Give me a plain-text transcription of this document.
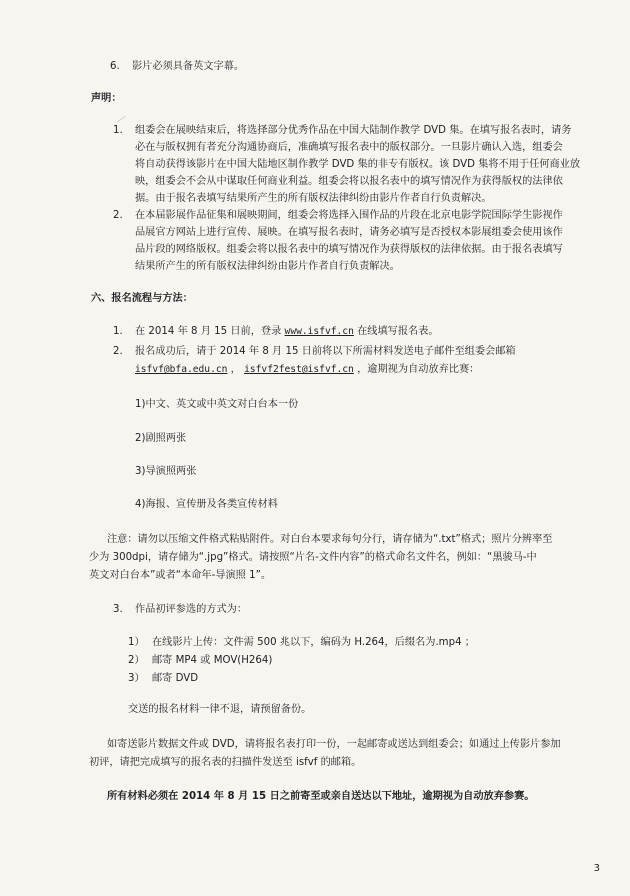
6. 影片必须具备英文字幕。
声明：
1. 组委会在展映结束后，将选择部分优秀作品在中国大陆制作教学 DVD 集。在填写报名表时，请务
必在与版权拥有者充分沟通协商后，准确填写报名表中的版权部分。一旦影片确认入选，组委会
将自动获得该影片在中国大陆地区制作教学 DVD 集的非专有版权。该 DVD 集将不用于任何商业放
映，组委会不会从中谋取任何商业利益。组委会将以报名表中的填写情况作为获得版权的法律依
据。由于报名表填写结果所产生的所有版权法律纠纷由影片作者自行负责解决。
2. 在本届影展作品征集和展映期间，组委会将选择入围作品的片段在北京电影学院国际学生影视作
品展官方网站上进行宣传、展映。在填写报名表时，请务必填写是否授权本影展组委会使用该作
品片段的网络版权。组委会将以报名表中的填写情况作为获得版权的法律依据。由于报名表填写
结果所产生的所有版权法律纠纷由影片作者自行负责解决。
六、报名流程与方法：
1. 在 2014 年 8 月 15 日前，登录 www.isfvf.cn 在线填写报名表。
2. 报名成功后，请于 2014 年 8 月 15 日前将以下所需材料发送电子邮件至组委会邮箱
isfvf@bfa.edu.cn ， isfvf2fest@isfvf.cn ，逾期视为自动放弃比赛：
1)中文、英文或中英文对白台本一份
2)剧照两张
3)导演照两张
4)海报、宣传册及各类宣传材料
注意：请勿以压缩文件格式粘贴附件。对白台本要求每句分行，请存储为“.txt”格式；照片分辨率至
少为 300dpi，请存储为“.jpg”格式。请按照“片名-文件内容”的格式命名文件名，例如：“黑骏马-中
英文对白台本”或者“本命年-导演照 1”。
3. 作品初评参选的方式为：
1） 在线影片上传：文件需 500 兆以下，编码为 H.264，后缀名为.mp4 ；
2） 邮寄 MP4 或 MOV(H264)
3） 邮寄 DVD
交送的报名材料一律不退，请预留备份。
如寄送影片数据文件或 DVD，请将报名表打印一份，一起邮寄或送达到组委会；如通过上传影片参加
初评，请把完成填写的报名表的扫描件发送至 isfvf 的邮箱。
所有材料必须在 2014 年 8 月 15 日之前寄至或亲自送达以下地址，逾期视为自动放弃参赛。
3
